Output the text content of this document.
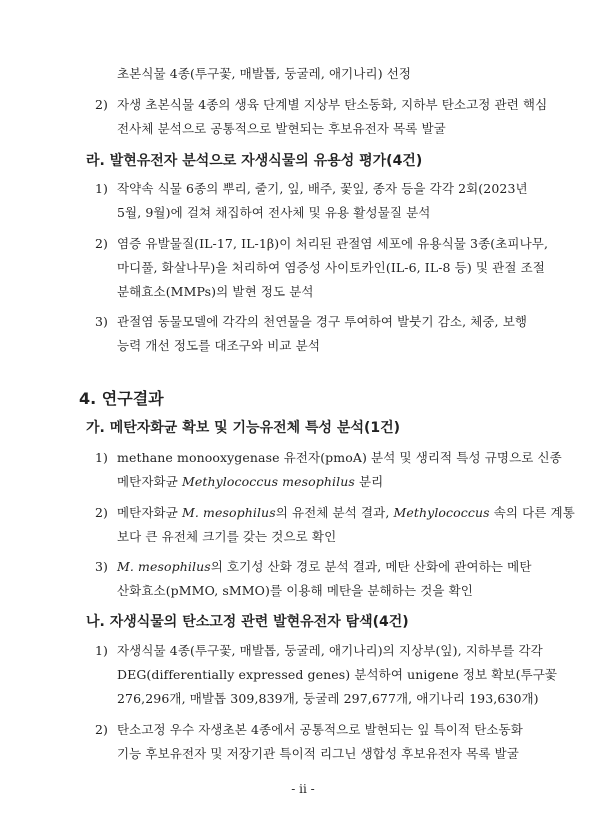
초본식물 4종(투구꽃, 매발톱, 둥굴레, 애기나리) 선정
2) 자생 초본식물 4종의 생육 단계별 지상부 탄소동화, 지하부 탄소고정 관련 핵심
전사체 분석으로 공통적으로 발현되는 후보유전자 목록 발굴
라. 발현유전자 분석으로 자생식물의 유용성 평가(4건)
1) 작약속 식물 6종의 뿌리, 줄기, 잎, 배주, 꽃잎, 종자 등을 각각 2회(2023년
5월, 9월)에 걸쳐 채집하여 전사체 및 유용 활성물질 분석
2) 염증 유발물질(IL-17, IL-1β)이 처리된 관절염 세포에 유용식물 3종(초피나무,
마디풀, 화살나무)을 처리하여 염증성 사이토카인(IL-6, IL-8 등) 및 관절 조절
분해효소(MMPs)의 발현 정도 분석
3) 관절염 동물모델에 각각의 천연물을 경구 투여하여 발붓기 감소, 체중, 보행
능력 개선 정도를 대조구와 비교 분석
4. 연구결과
가. 메탄자화균 확보 및 기능유전체 특성 분석(1건)
1) methane monooxygenase 유전자(pmoA) 분석 및 생리적 특성 규명으로 신종
메탄자화균 Methylococcus mesophilus 분리
2) 메탄자화균 M. mesophilus의 유전체 분석 결과, Methylococcus 속의 다른 계통
보다 큰 유전체 크기를 갖는 것으로 확인
3) M. mesophilus의 호기성 산화 경로 분석 결과, 메탄 산화에 관여하는 메탄
산화효소(pMMO, sMMO)를 이용해 메탄을 분해하는 것을 확인
나. 자생식물의 탄소고정 관련 발현유전자 탐색(4건)
1) 자생식물 4종(투구꽃, 매발톱, 둥굴레, 애기나리)의 지상부(잎), 지하부를 각각
DEG(differentially expressed genes) 분석하여 unigene 정보 확보(투구꽃
276,296개, 매발톱 309,839개, 둥굴레 297,677개, 애기나리 193,630개)
2) 탄소고정 우수 자생초본 4종에서 공통적으로 발현되는 잎 특이적 탄소동화
기능 후보유전자 및 저장기관 특이적 리그닌 생합성 후보유전자 목록 발굴
- ii -
